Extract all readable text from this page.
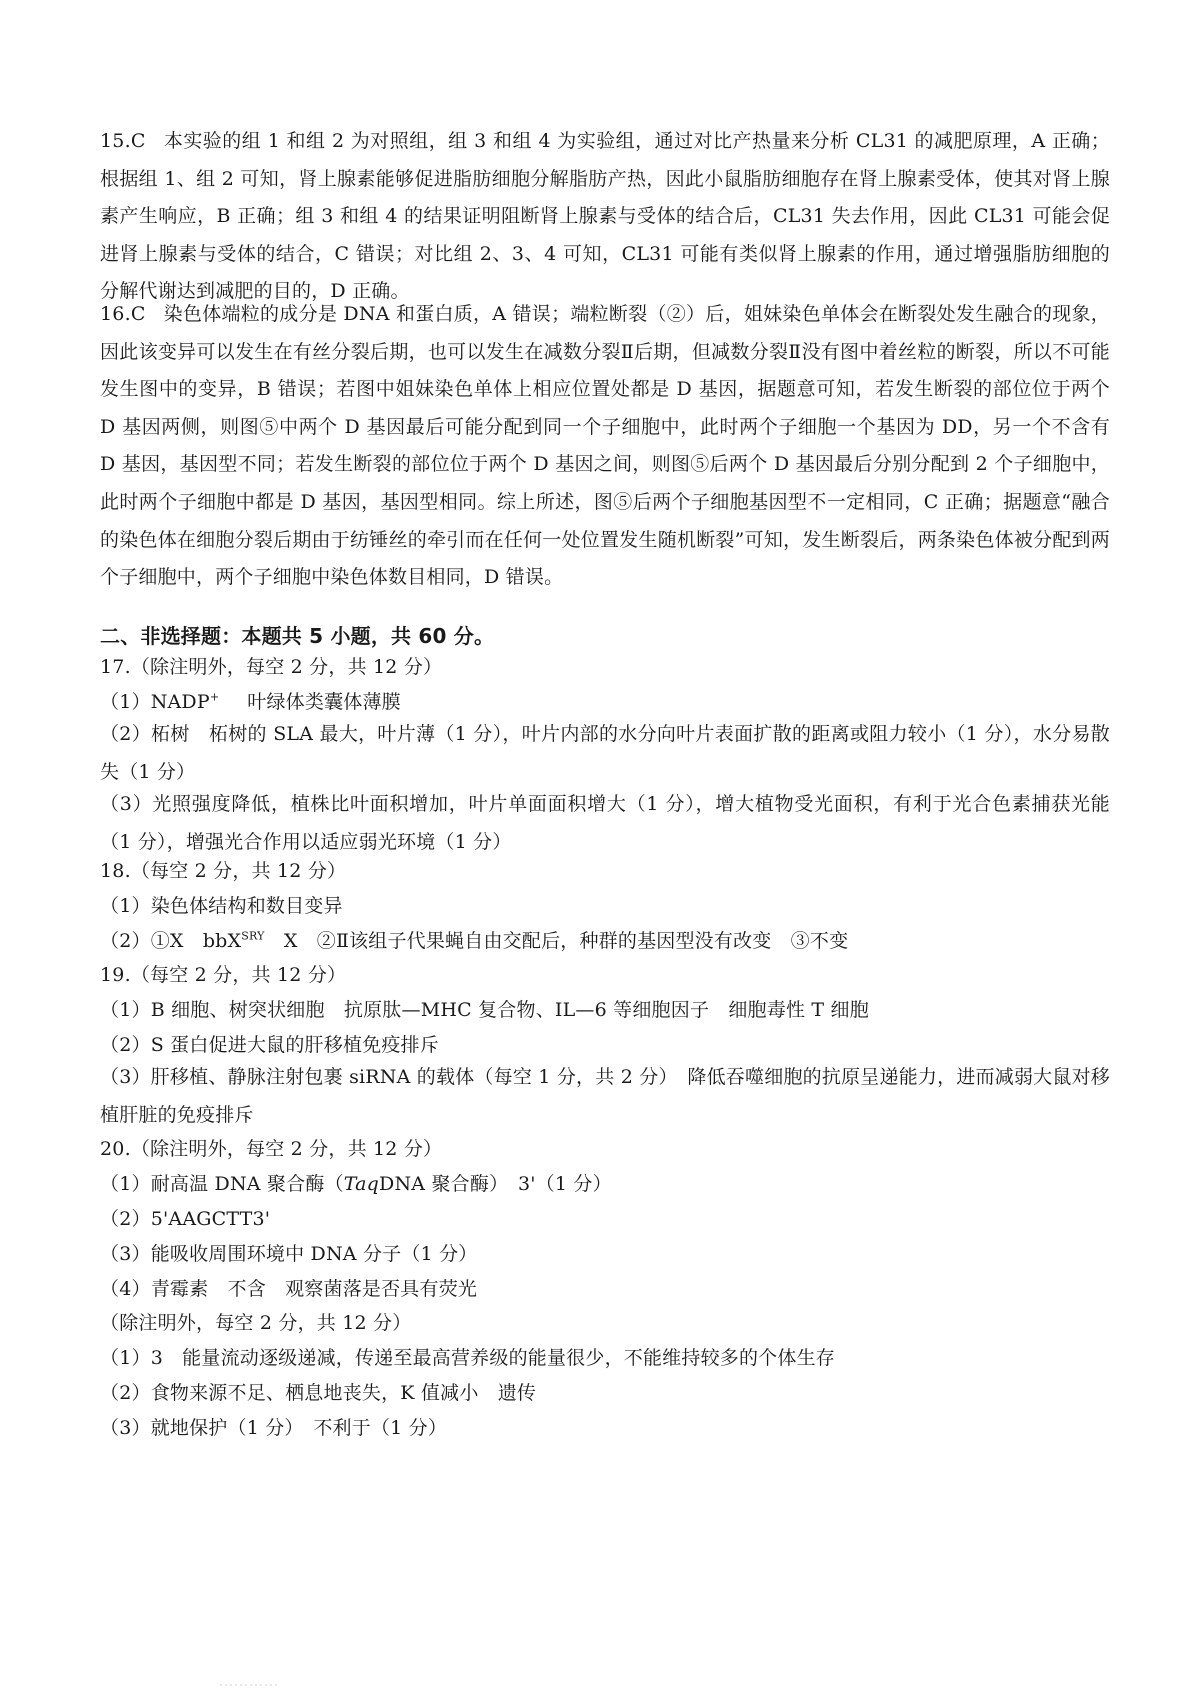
15.C 本实验的组 1 和组 2 为对照组，组 3 和组 4 为实验组，通过对比产热量来分析 CL31 的减肥原理，A 正确；根据组 1、组 2 可知，肾上腺素能够促进脂肪细胞分解脂肪产热，因此小鼠脂肪细胞存在肾上腺素受体，使其对肾上腺素产生响应，B 正确；组 3 和组 4 的结果证明阻断肾上腺素与受体的结合后，CL31 失去作用，因此 CL31 可能会促进肾上腺素与受体的结合，C 错误；对比组 2、3、4 可知，CL31 可能有类似肾上腺素的作用，通过增强脂肪细胞的分解代谢达到减肥的目的，D 正确。

16.C 染色体端粒的成分是 DNA 和蛋白质，A 错误；端粒断裂（②）后，姐妹染色单体会在断裂处发生融合的现象，因此该变异可以发生在有丝分裂后期，也可以发生在减数分裂Ⅱ后期，但减数分裂Ⅱ没有图中着丝粒的断裂，所以不可能发生图中的变异，B 错误；若图中姐妹染色单体上相应位置处都是 D 基因，据题意可知，若发生断裂的部位位于两个 D 基因两侧，则图⑤中两个 D 基因最后可能分配到同一个子细胞中，此时两个子细胞一个基因为 DD，另一个不含有 D 基因，基因型不同；若发生断裂的部位位于两个 D 基因之间，则图⑤后两个 D 基因最后分别分配到 2 个子细胞中，此时两个子细胞中都是 D 基因，基因型相同。综上所述，图⑤后两个子细胞基因型不一定相同，C 正确；据题意“融合的染色体在细胞分裂后期由于纺锤丝的牵引而在任何一处位置发生随机断裂”可知，发生断裂后，两条染色体被分配到两个子细胞中，两个子细胞中染色体数目相同，D 错误。

二、非选择题：本题共 5 小题，共 60 分。

17.（除注明外，每空 2 分，共 12 分）

（1）NADP+ 叶绿体类囊体薄膜

（2）柘树　柘树的 SLA 最大，叶片薄（1 分），叶片内部的水分向叶片表面扩散的距离或阻力较小（1 分），水分易散失（1 分）

（3）光照强度降低，植株比叶面积增加，叶片单面面积增大（1 分），增大植物受光面积，有利于光合色素捕获光能（1 分），增强光合作用以适应弱光环境（1 分）

18.（每空 2 分，共 12 分）

（1）染色体结构和数目变异

（2）①X　bbX$^{SRY}$　X　②Ⅱ该组子代果蝇自由交配后，种群的基因型没有改变　③不变

19.（每空 2 分，共 12 分）

（1）B 细胞、树突状细胞　抗原肽—MHC 复合物、IL—6 等细胞因子　细胞毒性 T 细胞

（2）S 蛋白促进大鼠的肝移植免疫排斥

（3）肝移植、静脉注射包裹 siRNA 的载体（每空 1 分，共 2 分）　降低吞噬细胞的抗原呈递能力，进而减弱大鼠对移植肝脏的免疫排斥

20.（除注明外，每空 2 分，共 12 分）

（1）耐高温 DNA 聚合酶（TaqDNA 聚合酶）　3'（1 分）

（2）5'AAGCTT3'

（3）能吸收周围环境中 DNA 分子（1 分）

（4）青霉素　不含　观察菌落是否具有荧光

（除注明外，每空 2 分，共 12 分）

（1）3　能量流动逐级递减，传递至最高营养级的能量很少，不能维持较多的个体生存

（2）食物来源不足、栖息地丧失，K 值减小　遗传

（3）就地保护（1 分）　不利于（1 分）
